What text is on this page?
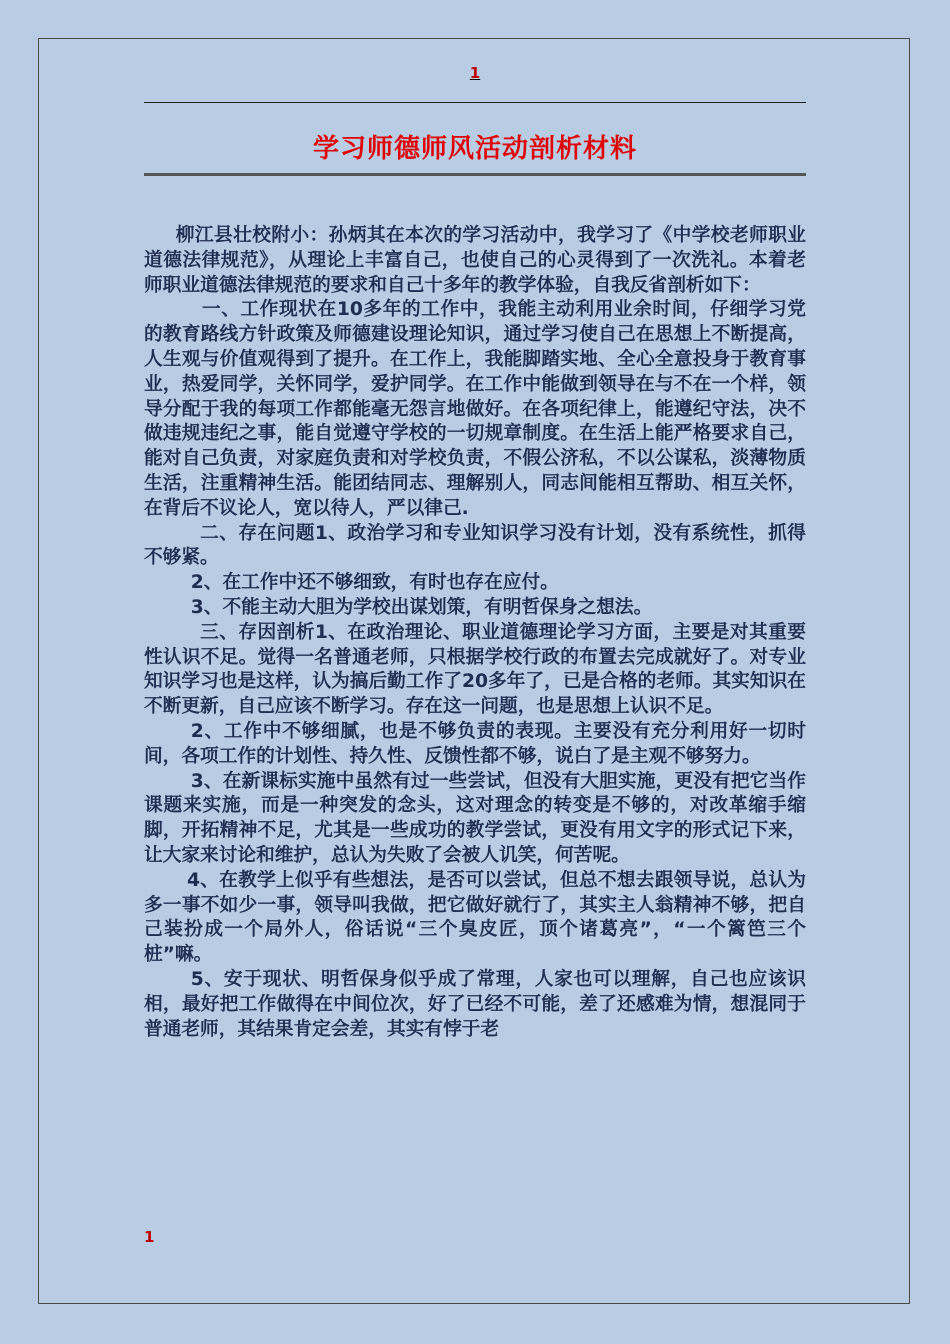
1
学习师德师风活动剖析材料

柳江县壮校附小：孙炳其在本次的学习活动中，我学习了《中学校老师职业道德法律规范》，从理论上丰富自己，也使自己的心灵得到了一次洗礼。本着老师职业道德法律规范的要求和自己十多年的教学体验，自我反省剖析如下：

一、工作现状在10多年的工作中，我能主动利用业余时间，仔细学习党的教育路线方针政策及师德建设理论知识，通过学习使自己在思想上不断提高，人生观与价值观得到了提升。在工作上，我能脚踏实地、全心全意投身于教育事业，热爱同学，关怀同学，爱护同学。在工作中能做到领导在与不在一个样，领导分配于我的每项工作都能毫无怨言地做好。在各项纪律上，能遵纪守法，决不做违规违纪之事，能自觉遵守学校的一切规章制度。在生活上能严格要求自己，能对自己负责，对家庭负责和对学校负责，不假公济私，不以公谋私，淡薄物质生活，注重精神生活。能团结同志、理解别人，同志间能相互帮助、相互关怀，在背后不议论人，宽以待人，严以律己.

二、存在问题1、政治学习和专业知识学习没有计划，没有系统性，抓得不够紧。

2、在工作中还不够细致，有时也存在应付。

3、不能主动大胆为学校出谋划策，有明哲保身之想法。

三、存因剖析1、在政治理论、职业道德理论学习方面，主要是对其重要性认识不足。觉得一名普通老师，只根据学校行政的布置去完成就好了。对专业知识学习也是这样，认为搞后勤工作了20多年了，已是合格的老师。其实知识在不断更新，自己应该不断学习。存在这一问题，也是思想上认识不足。

2、工作中不够细腻，也是不够负责的表现。主要没有充分利用好一切时间，各项工作的计划性、持久性、反馈性都不够，说白了是主观不够努力。

3、在新课标实施中虽然有过一些尝试，但没有大胆实施，更没有把它当作课题来实施，而是一种突发的念头，这对理念的转变是不够的，对改革缩手缩脚，开拓精神不足，尤其是一些成功的教学尝试，更没有用文字的形式记下来，让大家来讨论和维护，总认为失败了会被人讥笑，何苦呢。

4、在教学上似乎有些想法，是否可以尝试，但总不想去跟领导说，总认为多一事不如少一事，领导叫我做，把它做好就行了，其实主人翁精神不够，把自己装扮成一个局外人，俗话说“三个臭皮匠，顶个诸葛亮”，“一个篱笆三个桩”嘛。

5、安于现状、明哲保身似乎成了常理，人家也可以理解，自己也应该识相，最好把工作做得在中间位次，好了已经不可能，差了还感难为情，想混同于普通老师，其结果肯定会差，其实有悖于老

1
